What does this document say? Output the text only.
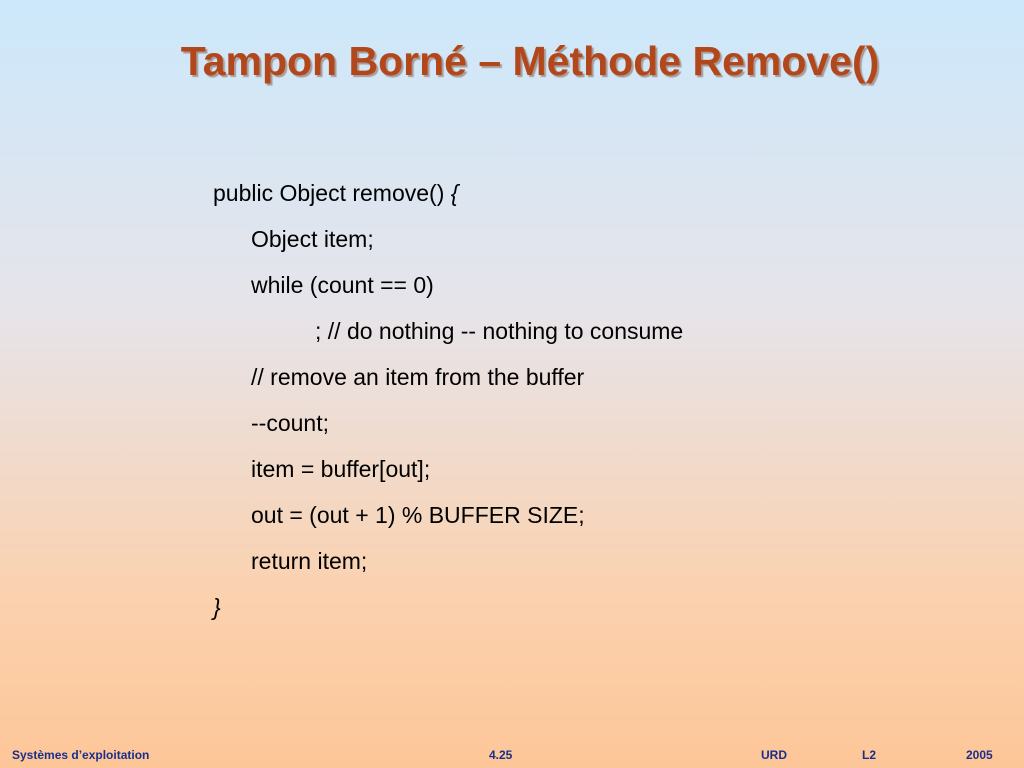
Tampon Borné – Méthode Remove()
public Object remove() {
Object item;
while (count == 0)
; // do nothing -- nothing to consume
// remove an item from the buffer
--count;
item = buffer[out];
out = (out + 1) % BUFFER SIZE;
return item;
}
Systèmes d’exploitation	4.25	URD	L2	2005
